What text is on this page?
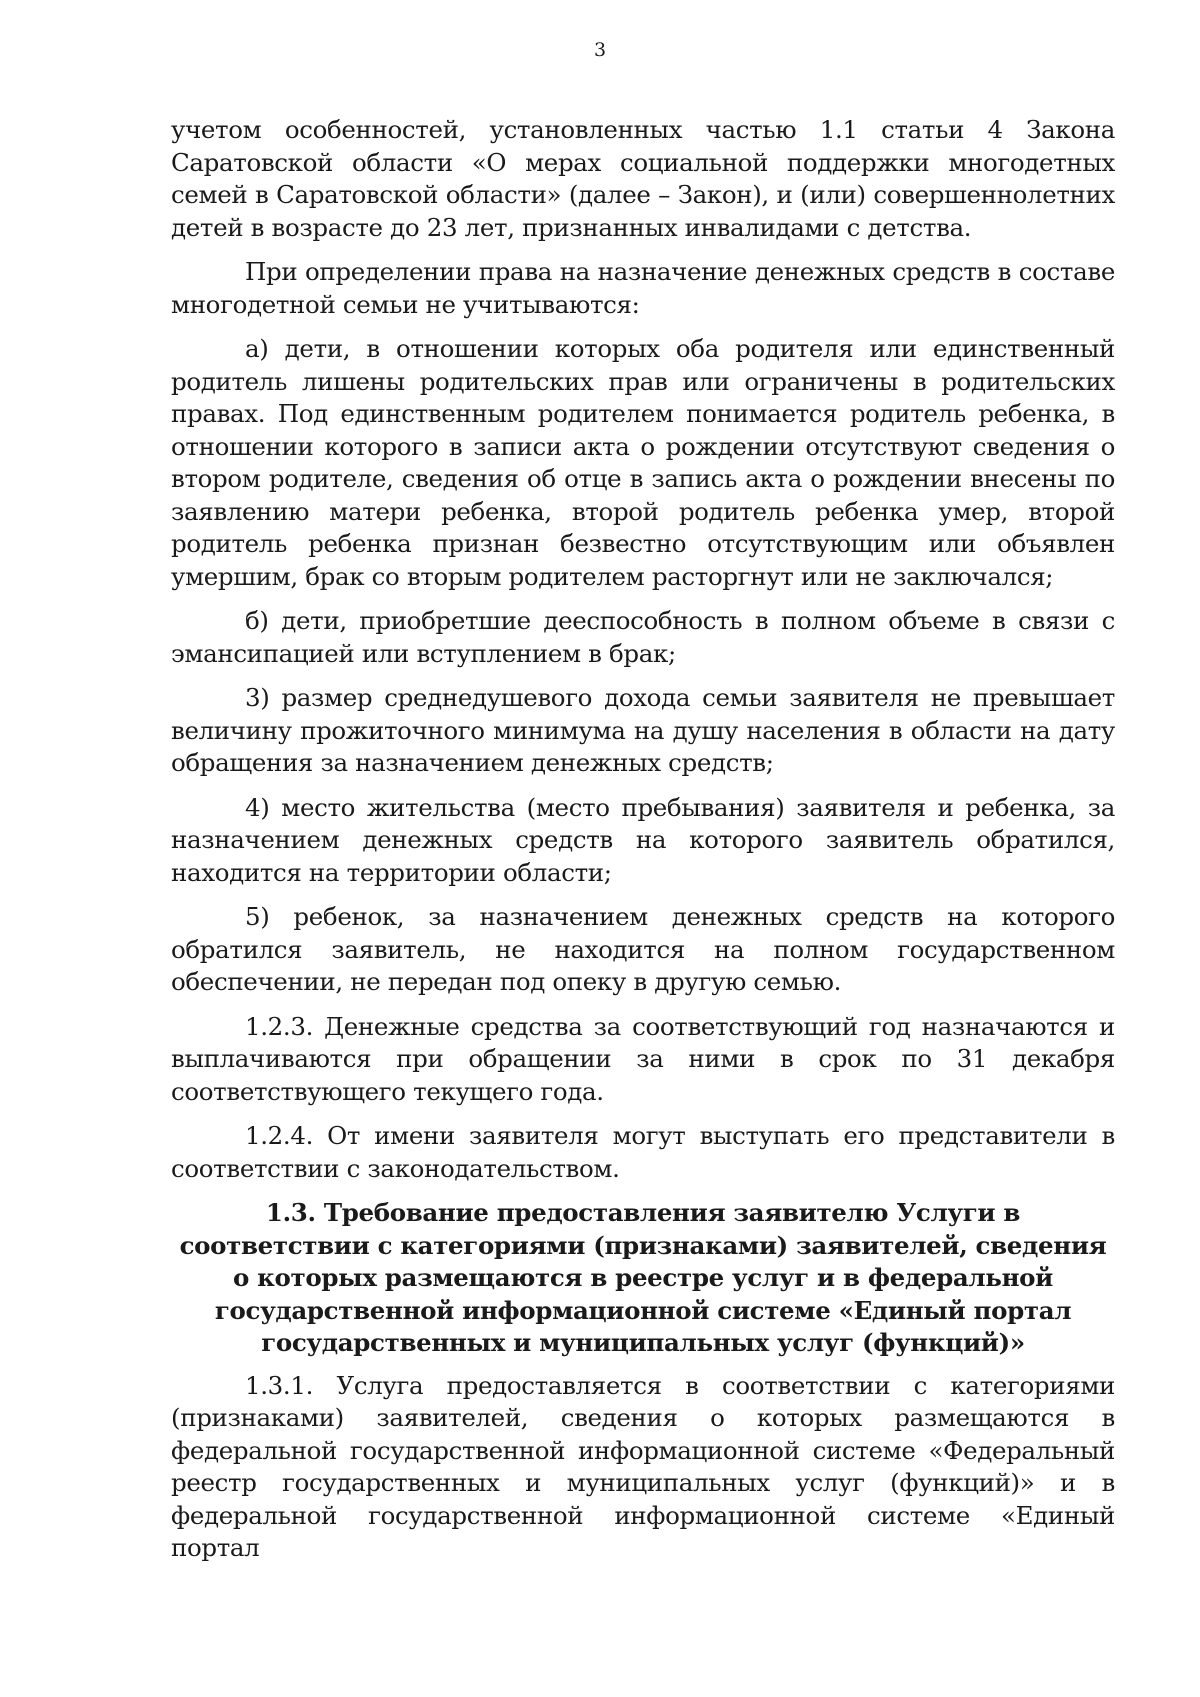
3

учетом особенностей, установленных частью 1.1 статьи 4 Закона Саратовской области «О мерах социальной поддержки многодетных семей в Саратовской области» (далее – Закон), и (или) совершеннолетних детей в возрасте до 23 лет, признанных инвалидами с детства.

При определении права на назначение денежных средств в составе многодетной семьи не учитываются:

а) дети, в отношении которых оба родителя или единственный родитель лишены родительских прав или ограничены в родительских правах. Под единственным родителем понимается родитель ребенка, в отношении которого в записи акта о рождении отсутствуют сведения о втором родителе, сведения об отце в запись акта о рождении внесены по заявлению матери ребенка, второй родитель ребенка умер, второй родитель ребенка признан безвестно отсутствующим или объявлен умершим, брак со вторым родителем расторгнут или не заключался;

б) дети, приобретшие дееспособность в полном объеме в связи с эмансипацией или вступлением в брак;

3) размер среднедушевого дохода семьи заявителя не превышает величину прожиточного минимума на душу населения в области на дату обращения за назначением денежных средств;

4) место жительства (место пребывания) заявителя и ребенка, за назначением денежных средств на которого заявитель обратился, находится на территории области;

5) ребенок, за назначением денежных средств на которого обратился заявитель, не находится на полном государственном обеспечении, не передан под опеку в другую семью.

1.2.3. Денежные средства за соответствующий год назначаются и выплачиваются при обращении за ними в срок по 31 декабря соответствующего текущего года.

1.2.4. От имени заявителя могут выступать его представители в соответствии с законодательством.

1.3. Требование предоставления заявителю Услуги в соответствии с категориями (признаками) заявителей, сведения о которых размещаются в реестре услуг и в федеральной государственной информационной системе «Единый портал государственных и муниципальных услуг (функций)»

1.3.1. Услуга предоставляется в соответствии с категориями (признаками) заявителей, сведения о которых размещаются в федеральной государственной информационной системе «Федеральный реестр государственных и муниципальных услуг (функций)» и в федеральной государственной информационной системе «Единый портал
